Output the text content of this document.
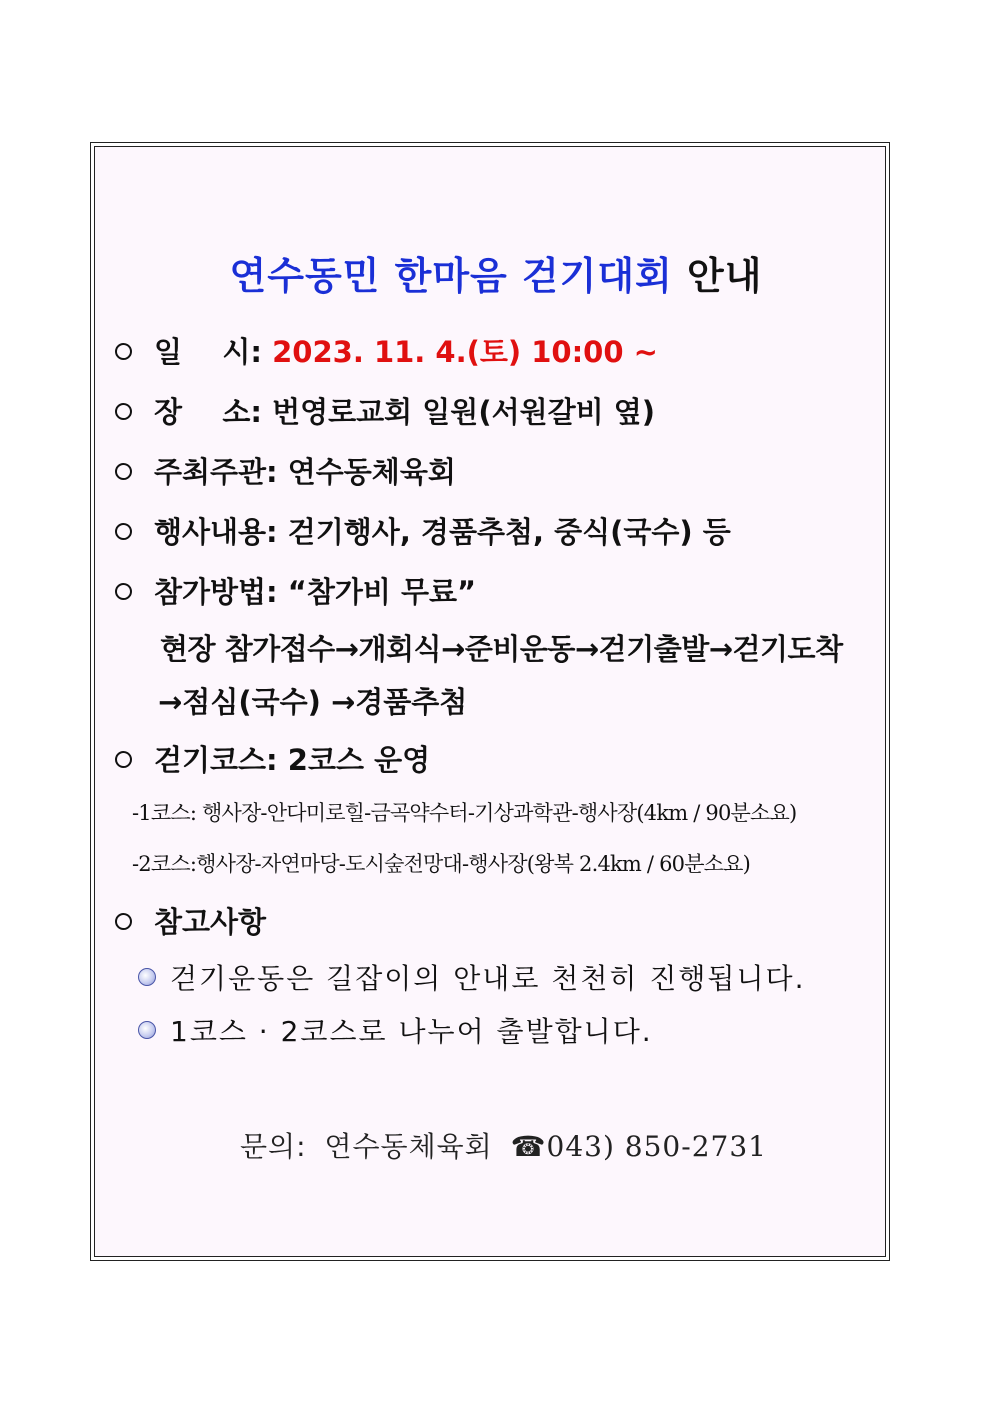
연수동민 한마음 걷기대회 안내
일    시: 2023. 11. 4.(토) 10:00 ~
장    소: 번영로교회 일원(서원갈비 옆)
주최주관: 연수동체육회
행사내용: 걷기행사, 경품추첨, 중식(국수) 등
참가방법: “참가비 무료”
현장 참가접수→개회식→준비운동→걷기출발→걷기도착
→점심(국수) →경품추첨
걷기코스: 2코스 운영
-1코스: 행사장-안다미로힐-금곡약수터-기상과학관-행사장(4km / 90분소요)
-2코스:행사장-자연마당-도시숲전망대-행사장(왕복 2.4km / 60분소요)
참고사항
걷기운동은 길잡이의 안내로 천천히 진행됩니다.
1코스 · 2코스로 나누어 출발합니다.
문의: 연수동체육회 ☎043) 850-2731
